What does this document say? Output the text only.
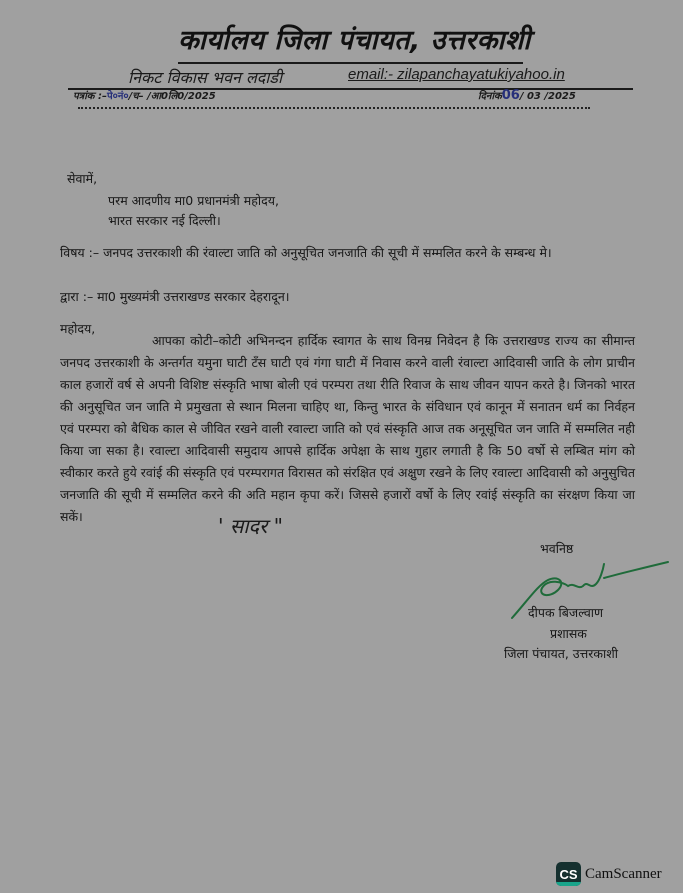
कार्यालय जिला पंचायत, उत्तरकाशी
निकट विकास भवन लदाडी	email:- zilapanchayatukiyahoo.in
पत्रांक :–पे०नं०/च– /आ0लि0/2025	दिनांक06/ 03 /2025
सेवामें,
परम आदणीय मा0 प्रधानमंत्री महोदय,
भारत सरकार नई दिल्ली।
विषय :– जनपद उत्तरकाशी की रंवाल्टा जाति को अनुसूचित जनजाति की सूची में सम्मलित करने के सम्बन्ध मे।
द्वारा :– मा0 मुख्यमंत्री उत्तराखण्ड सरकार देहरादून।
महोदय,

आपका कोटी–कोटी अभिनन्दन हार्दिक स्वागत के साथ विनम्र निवेदन है कि उत्तराखण्ड राज्य का सीमान्त जनपद उत्तरकाशी के अन्तर्गत यमुना घाटी टँस घाटी एवं गंगा घाटी में निवास करने वाली रंवाल्टा आदिवासी जाति के लोग प्राचीन काल हजारों वर्ष से अपनी विशिष्ट संस्कृति भाषा बोली एवं परम्परा तथा रीति रिवाज के साथ जीवन यापन करते है। जिनको भारत की अनुसूचित जन जाति मे प्रमुखता से स्थान मिलना चाहिए था, किन्तु भारत के संविधान एवं कानून में सनातन धर्म का निर्वहन एवं परम्परा को बैधिक काल से जीवित रखने वाली रवाल्टा जाति को एवं संस्कृति आज तक अनूसूचित जन जाति में सम्मलित नही किया जा सका है। रवाल्टा आदिवासी समुदाय आपसे हार्दिक अपेक्षा के साथ गुहार लगाती है कि 50 वर्षो से लम्बित मांग को स्वीकार करते हुये रवांई की संस्कृति एवं परम्परागत विरासत को संरक्षित एवं अक्षुण रखने के लिए रवाल्टा आदिवासी को अनुसुचित जनजाति की सूची में सम्मलित करने की अति महान कृपा करें। जिससे हजारों वर्षो के लिए रवांई संस्कृति का संरक्षण किया जा सकें।	' सादर "
भवनिष्ठ
दीपक बिजल्वाण
प्रशासक
जिला पंचायत, उत्तरकाशी
CS CamScanner
